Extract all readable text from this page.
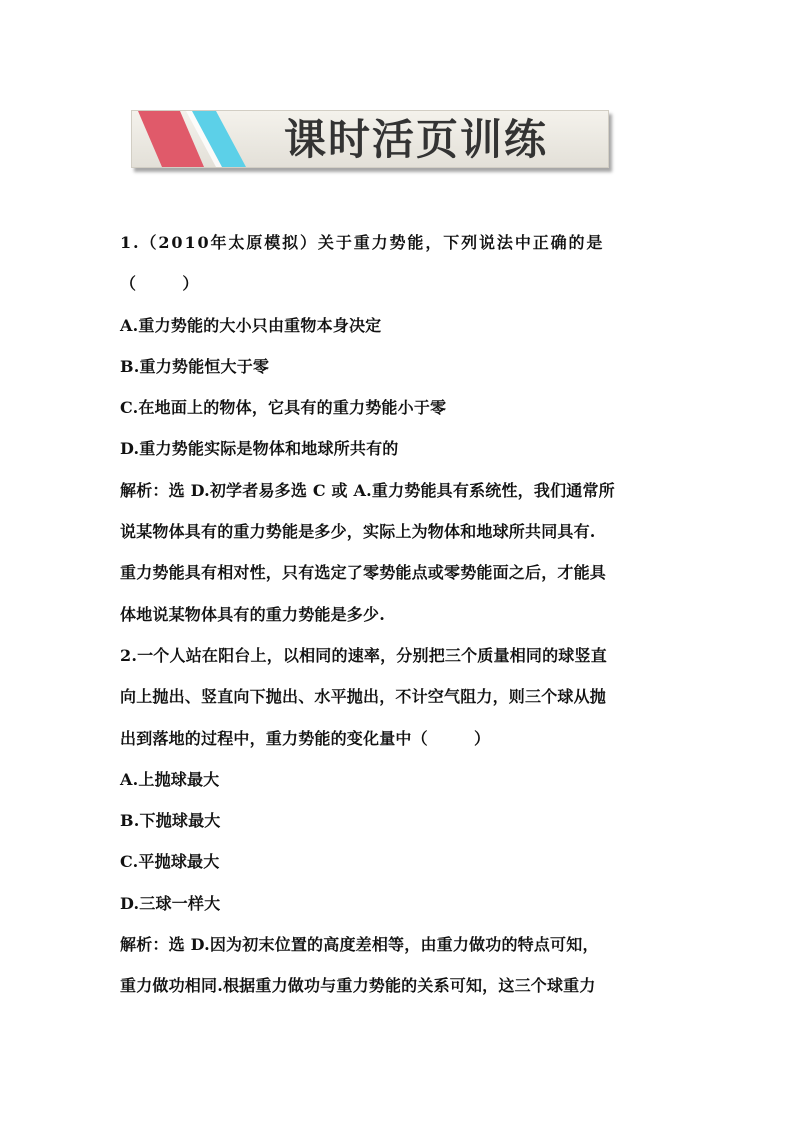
课时活页训练
1.（2010年太原模拟）关于重力势能，下列说法中正确的是
（        ）
A.重力势能的大小只由重物本身决定
B.重力势能恒大于零
C.在地面上的物体，它具有的重力势能小于零
D.重力势能实际是物体和地球所共有的
解析：选 D.初学者易多选 C 或 A.重力势能具有系统性，我们通常所
说某物体具有的重力势能是多少，实际上为物体和地球所共同具有.
重力势能具有相对性，只有选定了零势能点或零势能面之后，才能具
体地说某物体具有的重力势能是多少.
2.一个人站在阳台上，以相同的速率，分别把三个质量相同的球竖直
向上抛出、竖直向下抛出、水平抛出，不计空气阻力，则三个球从抛
出到落地的过程中，重力势能的变化量中（        ）
A.上抛球最大
B.下抛球最大
C.平抛球最大
D.三球一样大
解析：选 D.因为初末位置的高度差相等，由重力做功的特点可知，
重力做功相同.根据重力做功与重力势能的关系可知，这三个球重力
